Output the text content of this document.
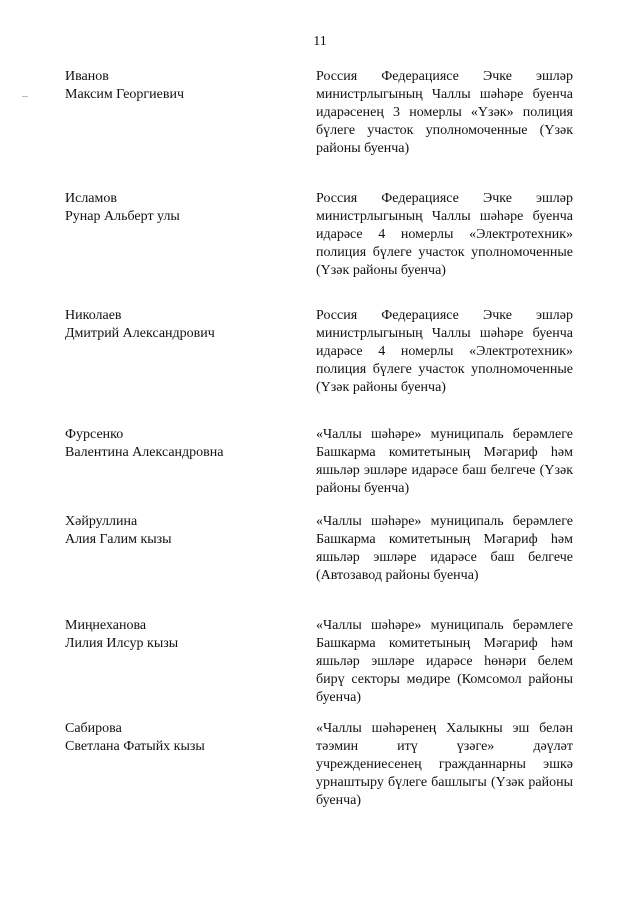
11
Иванов
Максим Георгиевич
Россия Федерациясе Эчке эшләр министрлыгының Чаллы шәһәре буенча идарәсенең 3 номерлы «Үзәк» полиция бүлеге участок уполномоченные (Үзәк районы буенча)
Исламов
Рунар Альберт улы
Россия Федерациясе Эчке эшләр министрлыгының Чаллы шәһәре буенча идарәсе 4 номерлы «Электротехник» полиция бүлеге участок уполномоченные (Үзәк районы буенча)
Николаев
Дмитрий Александрович
Россия Федерациясе Эчке эшләр министрлыгының Чаллы шәһәре буенча идарәсе 4 номерлы «Электротехник» полиция бүлеге участок уполномоченные (Үзәк районы буенча)
Фурсенко
Валентина Александровна
«Чаллы шәһәре» муниципаль берәмлеге Башкарма комитетының Мәгариф һәм яшьләр эшләре идарәсе баш белгече (Үзәк районы буенча)
Хәйруллина
Алия Галим кызы
«Чаллы шәһәре» муниципаль берәмлеге Башкарма комитетының Мәгариф һәм яшьләр эшләре идарәсе баш белгече (Автозавод районы буенча)
Миңнеханова
Лилия Илсур кызы
«Чаллы шәһәре» муниципаль берәмлеге Башкарма комитетының Мәгариф һәм яшьләр эшләре идарәсе һөнәри белем бирү секторы мөдире (Комсомол районы буенча)
Сабирова
Светлана Фатыйх кызы
«Чаллы шәһәренең Халыкны эш белән тәэмин итү үзәге» дәүләт учреждениесенең гражданнарны эшкә урнаштыру бүлеге башлыгы (Үзәк районы буенча)
